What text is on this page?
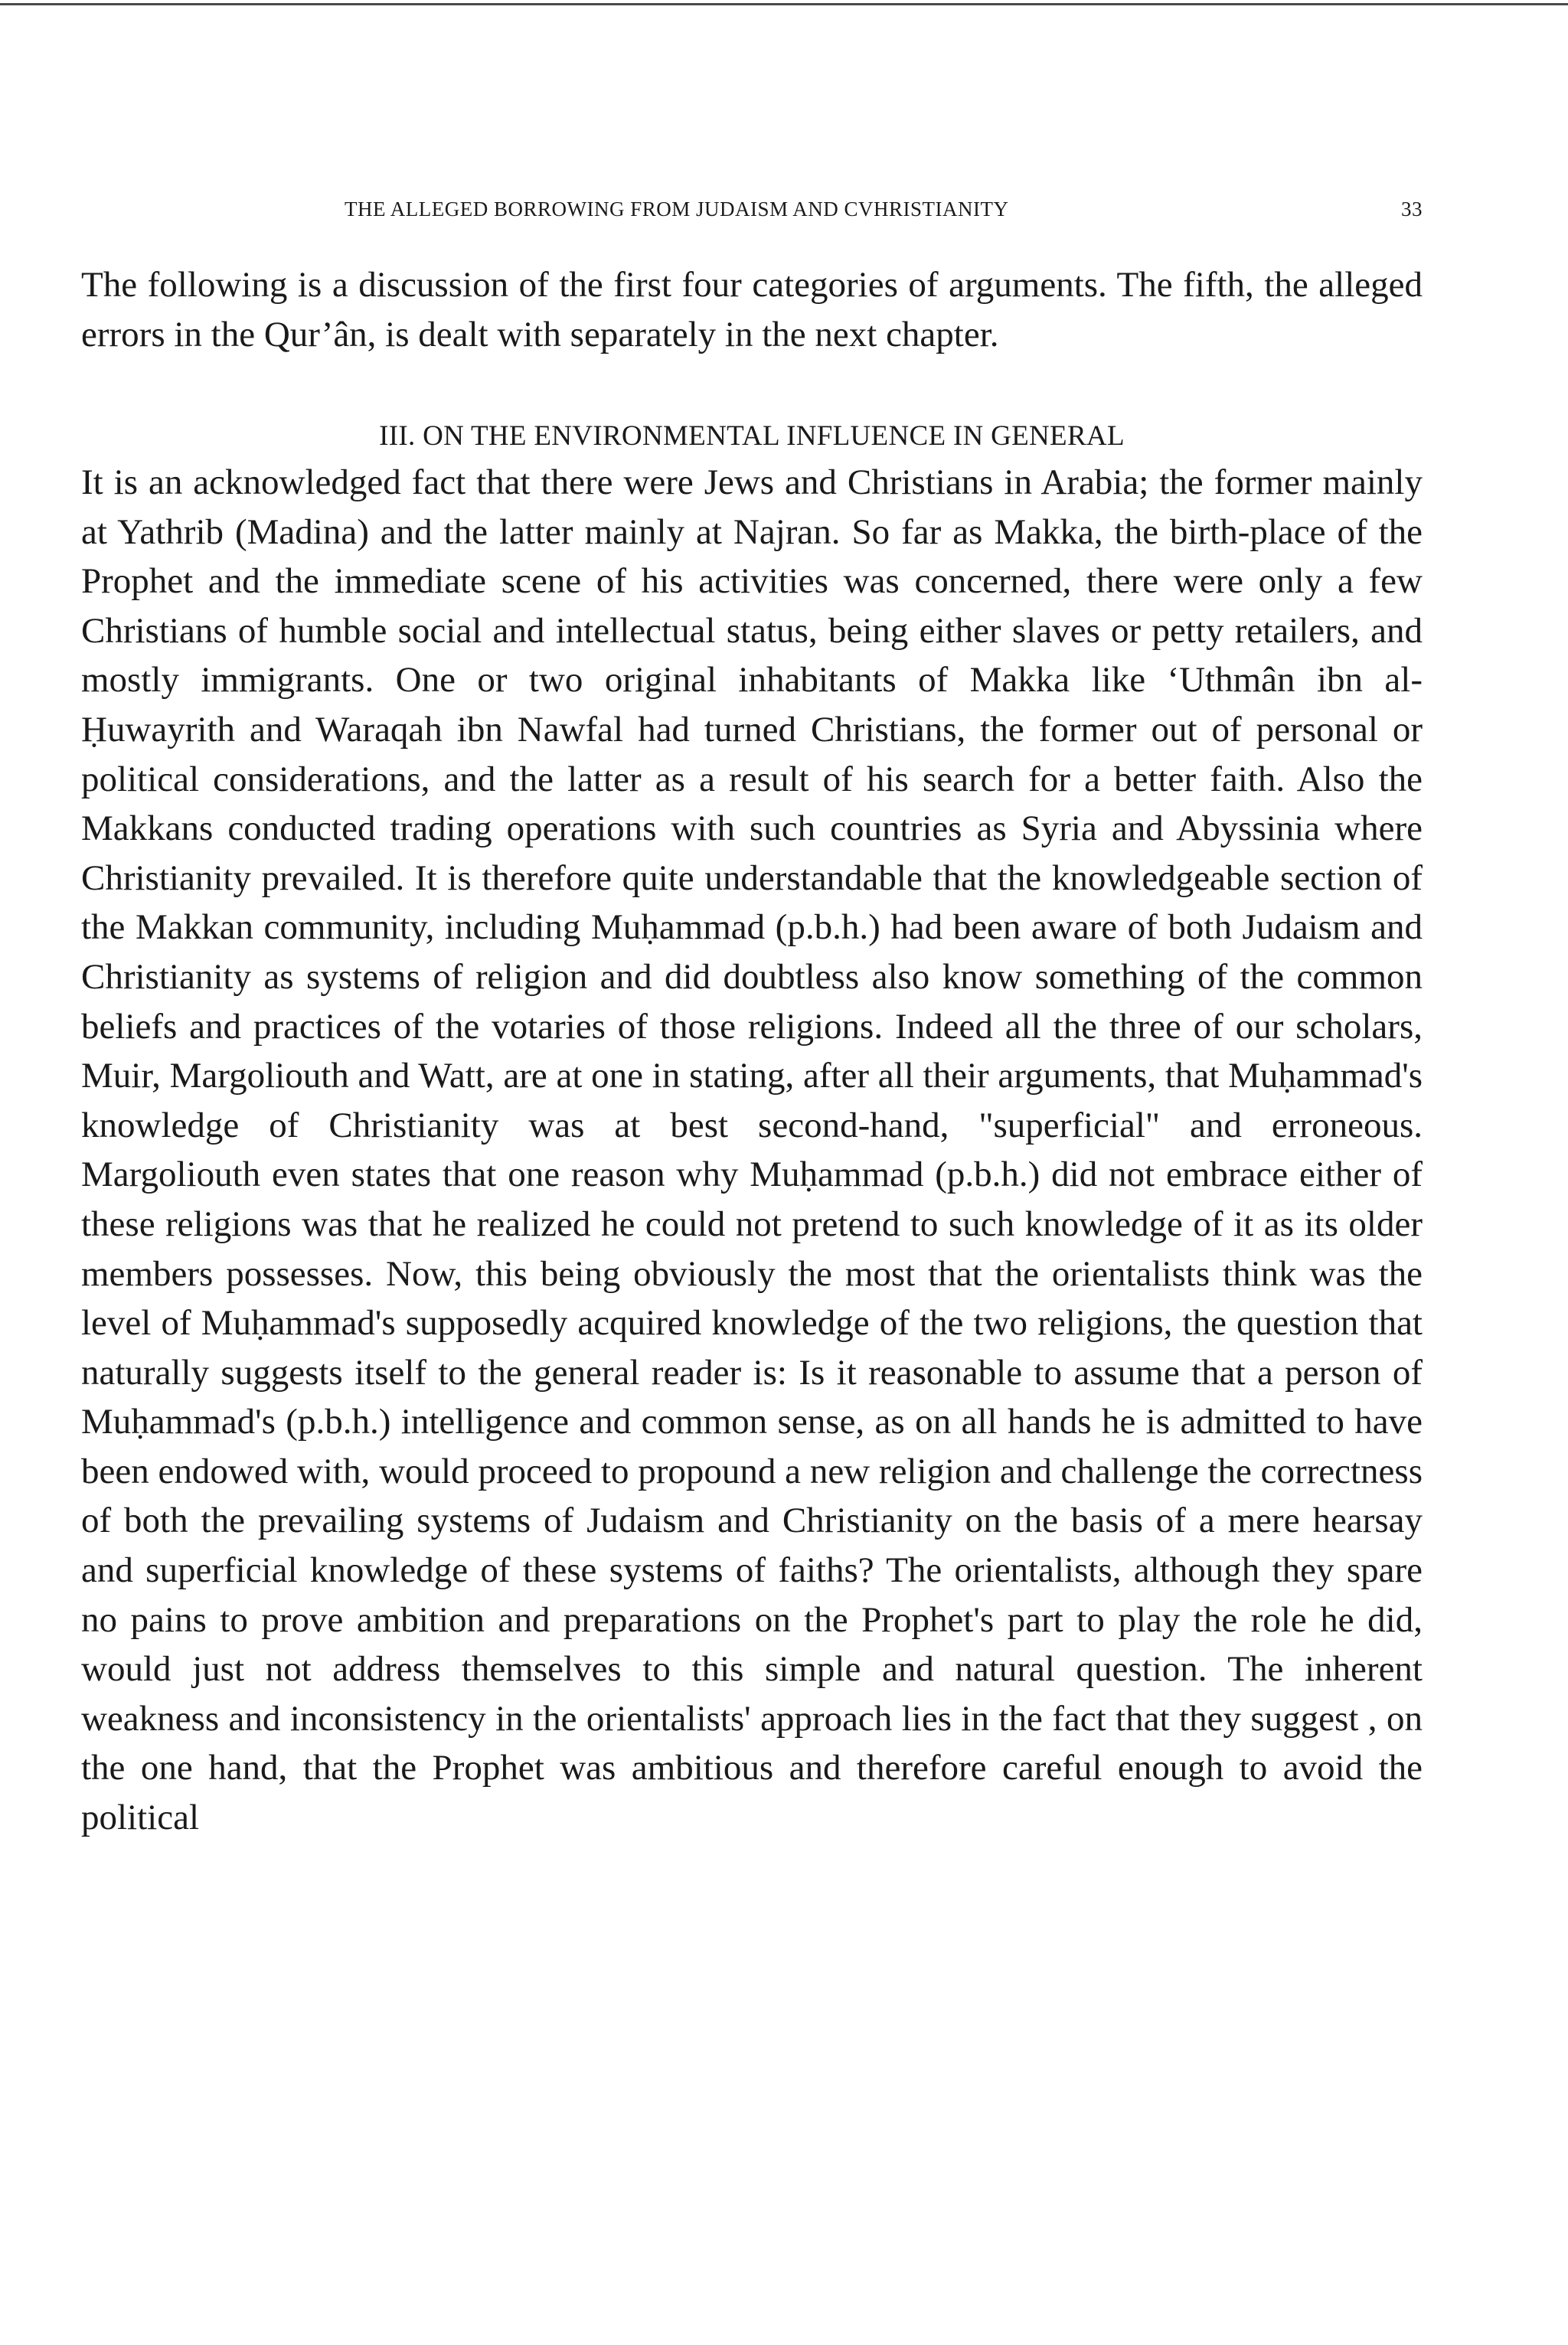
THE ALLEGED BORROWING FROM JUDAISM AND CVHRISTIANITY	33

The following is a discussion of the first four categories of arguments. The fifth, the alleged errors in the Qur’ân, is dealt with separately in the next chapter.

III. ON THE ENVIRONMENTAL INFLUENCE IN GENERAL

It is an acknowledged fact that there were Jews and Christians in Arabia; the former mainly at Yathrib (Madina) and the latter mainly at Najran. So far as Makka, the birth-place of the Prophet and the immediate scene of his activities was concerned, there were only a few Christians of humble social and intellectual status, being either slaves or petty retailers, and mostly immigrants. One or two original inhabitants of Makka like ‘Uthmân ibn al-Ḥuwayrith and Waraqah ibn Nawfal had turned Christians, the former out of personal or political considerations, and the latter as a result of his search for a better faith. Also the Makkans conducted trading operations with such countries as Syria and Abyssinia where Christianity prevailed. It is therefore quite understandable that the knowledgeable section of the Makkan community, including Muḥammad (p.b.h.) had been aware of both Judaism and Christianity as systems of religion and did doubtless also know something of the common beliefs and practices of the votaries of those religions. Indeed all the three of our scholars, Muir, Margoliouth and Watt, are at one in stating, after all their arguments, that Muḥammad's knowledge of Christianity was at best second-hand, "superficial" and erroneous. Margoliouth even states that one reason why Muḥammad (p.b.h.) did not embrace either of these religions was that he realized he could not pretend to such knowledge of it as its older members possesses. Now, this being obviously the most that the orientalists think was the level of Muḥammad's supposedly acquired knowledge of the two religions, the question that naturally suggests itself to the general reader is: Is it reasonable to assume that a person of Muḥammad's (p.b.h.) intelligence and common sense, as on all hands he is admitted to have been endowed with, would proceed to propound a new religion and challenge the correctness of both the prevailing systems of Judaism and Christianity on the basis of a mere hearsay and superficial knowledge of these systems of faiths? The orientalists, although they spare no pains to prove ambition and preparations on the Prophet's part to play the role he did, would just not address themselves to this simple and natural question. The inherent weakness and inconsistency in the orientalists' approach lies in the fact that they suggest , on the one hand, that the Prophet was ambitious and therefore careful enough to avoid the political
